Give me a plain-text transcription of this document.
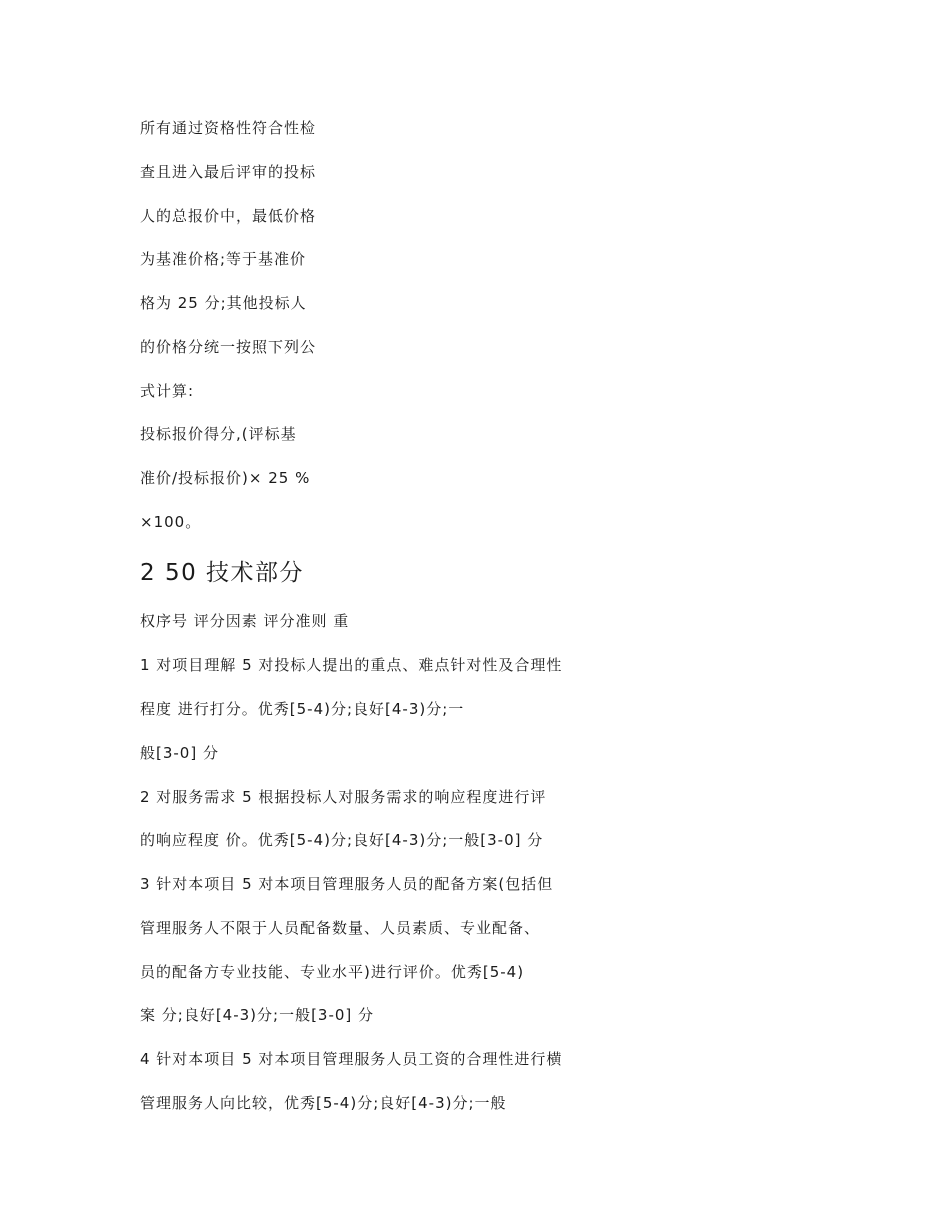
所有通过资格性符合性检
查且进入最后评审的投标
人的总报价中，最低价格
为基准价格;等于基准价
格为 25 分;其他投标人
的价格分统一按照下列公
式计算:
投标报价得分,(评标基
准价/投标报价)× 25 %
×100。
2 50 技术部分
权序号 评分因素 评分准则 重
1 对项目理解 5 对投标人提出的重点、难点针对性及合理性
程度 进行打分。优秀[5-4)分;良好[4-3)分;一
般[3-0] 分
2 对服务需求 5 根据投标人对服务需求的响应程度进行评
的响应程度 价。优秀[5-4)分;良好[4-3)分;一般[3-0] 分
3 针对本项目 5 对本项目管理服务人员的配备方案(包括但
管理服务人不限于人员配备数量、人员素质、专业配备、
员的配备方专业技能、专业水平)进行评价。优秀[5-4)
案 分;良好[4-3)分;一般[3-0] 分
4 针对本项目 5 对本项目管理服务人员工资的合理性进行横
管理服务人向比较，优秀[5-4)分;良好[4-3)分;一般
